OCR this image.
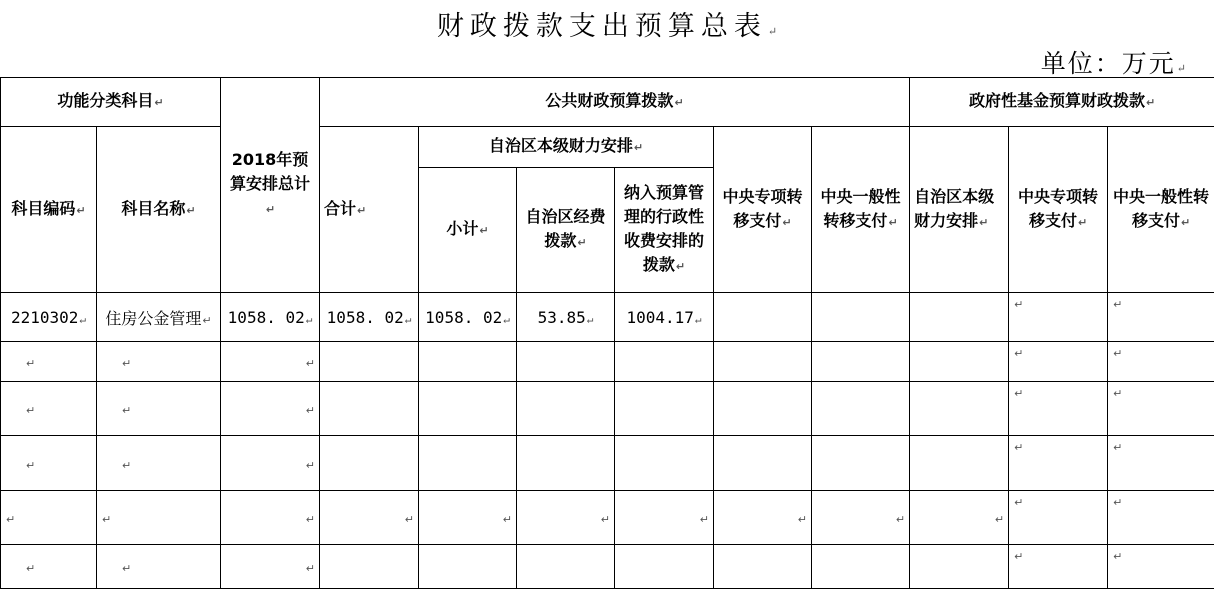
财政拨款支出预算总表↵
单位：万元↵
功能分类科目↵		2018年预算安排总计↵	公共财政预算拨款↵						政府性基金预算财政拨款↵		
科目编码↵	科目名称↵		合计↵	自治区本级财力安排↵			中央专项转移支付↵	中央一般性转移支付↵	自治区本级财力安排↵	中央专项转移支付↵	中央一般性转移支付↵
				小计↵	自治区经费拨款↵	纳入预算管理的行政性收费安排的拨款↵					
2210302↵	住房公金管理↵	1058. 02↵	1058. 02↵	1058. 02↵	53.85↵	1004.17↵				↵	↵
↵	↵	↵								↵	↵
↵	↵	↵								↵	↵
↵	↵	↵								↵	↵
↵	↵	↵	↵	↵	↵	↵	↵	↵	↵	↵	↵
↵	↵	↵								↵	↵
